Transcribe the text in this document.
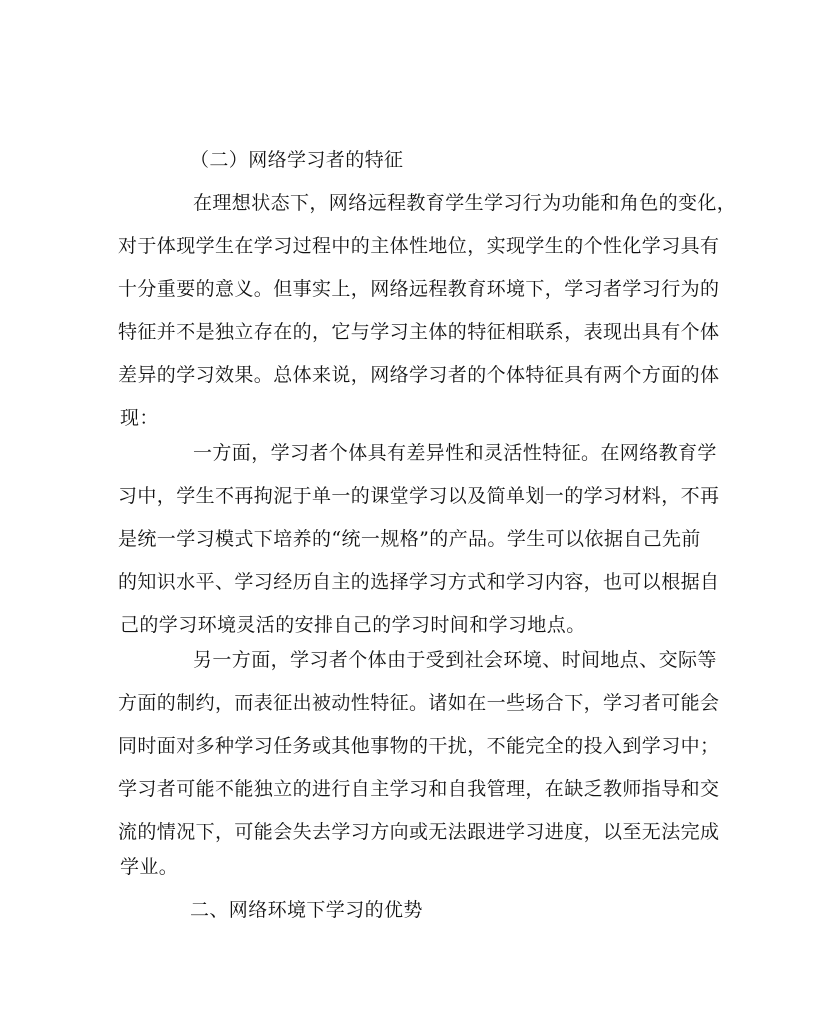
（二）网络学习者的特征
在理想状态下，网络远程教育学生学习行为功能和角色的变化，
对于体现学生在学习过程中的主体性地位，实现学生的个性化学习具有
十分重要的意义。但事实上，网络远程教育环境下，学习者学习行为的
特征并不是独立存在的，它与学习主体的特征相联系，表现出具有个体
差异的学习效果。总体来说，网络学习者的个体特征具有两个方面的体
现：
一方面，学习者个体具有差异性和灵活性特征。在网络教育学
习中，学生不再拘泥于单一的课堂学习以及简单划一的学习材料，不再
是统一学习模式下培养的“统一规格”的产品。学生可以依据自己先前
的知识水平、学习经历自主的选择学习方式和学习内容，也可以根据自
己的学习环境灵活的安排自己的学习时间和学习地点。
另一方面，学习者个体由于受到社会环境、时间地点、交际等
方面的制约，而表征出被动性特征。诸如在一些场合下，学习者可能会
同时面对多种学习任务或其他事物的干扰，不能完全的投入到学习中；
学习者可能不能独立的进行自主学习和自我管理，在缺乏教师指导和交
流的情况下，可能会失去学习方向或无法跟进学习进度，以至无法完成
学业。
二、网络环境下学习的优势
